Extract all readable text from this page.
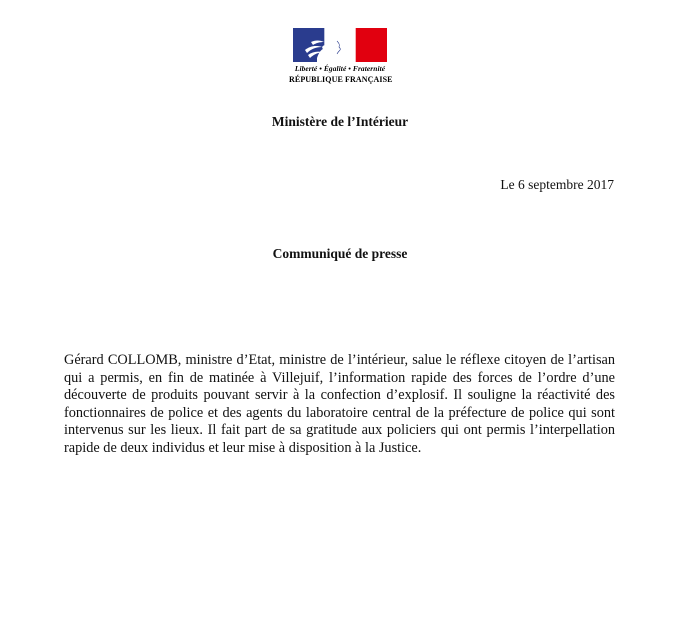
Liberté • Égalité • Fraternité
RÉPUBLIQUE FRANÇAISE
Ministère de l’Intérieur
Le 6 septembre 2017
Communiqué de presse

Gérard COLLOMB, ministre d’Etat, ministre de l’intérieur, salue le réflexe citoyen de l’artisan qui a permis, en fin de matinée à Villejuif, l’information rapide des forces de l’ordre d’une découverte de produits pouvant servir à la confection d’explosif. Il souligne la réactivité des fonctionnaires de police et des agents du laboratoire central de la préfecture de police qui sont intervenus sur les lieux. Il fait part de sa gratitude aux policiers qui ont permis l’interpellation rapide de deux individus et leur mise à disposition à la Justice.
